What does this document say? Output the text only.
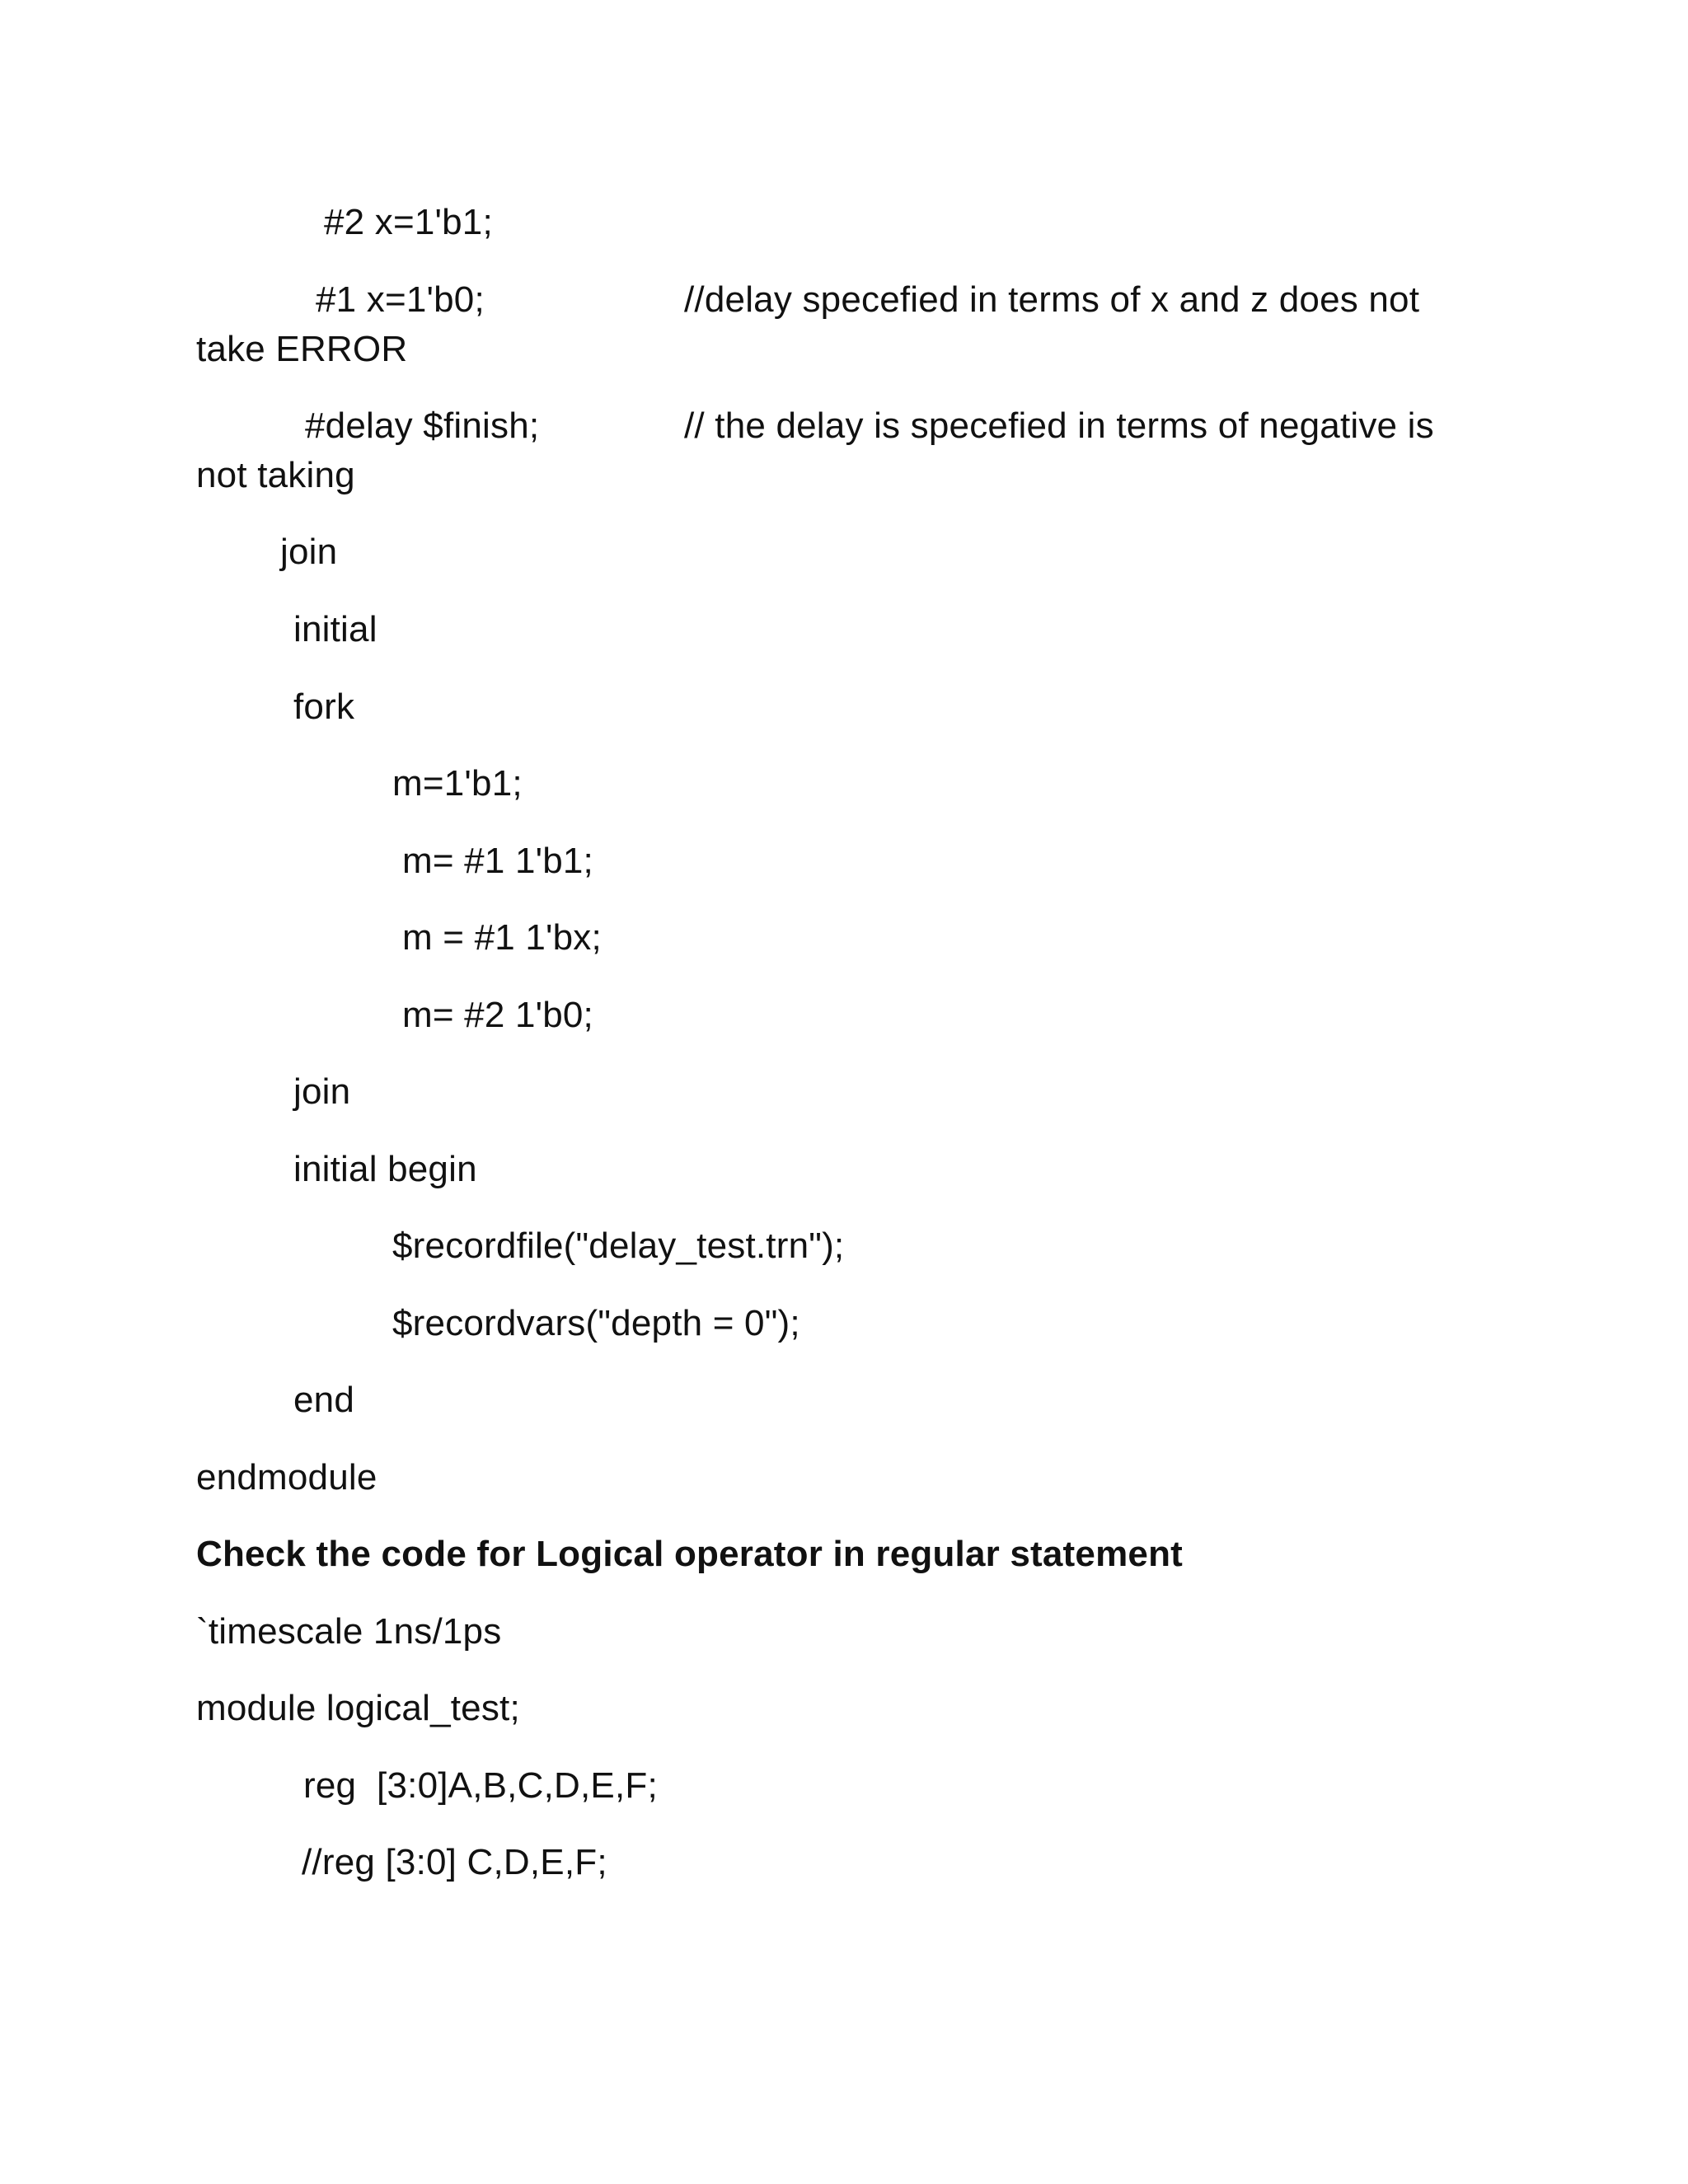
#2 x=1'b1;
#1 x=1'b0;	//delay specefied in terms of x and z does not
take ERROR
#delay $finish;	// the delay is specefied in terms of negative is
not taking
join
initial
fork
m=1'b1;
m= #1 1'b1;
m = #1 1'bx;
m= #2 1'b0;
join
initial begin
$recordfile("delay_test.trn");
$recordvars("depth = 0");
end
endmodule
Check the code for Logical operator in regular statement
`timescale 1ns/1ps
module logical_test;
reg  [3:0]A,B,C,D,E,F;
//reg [3:0] C,D,E,F;
